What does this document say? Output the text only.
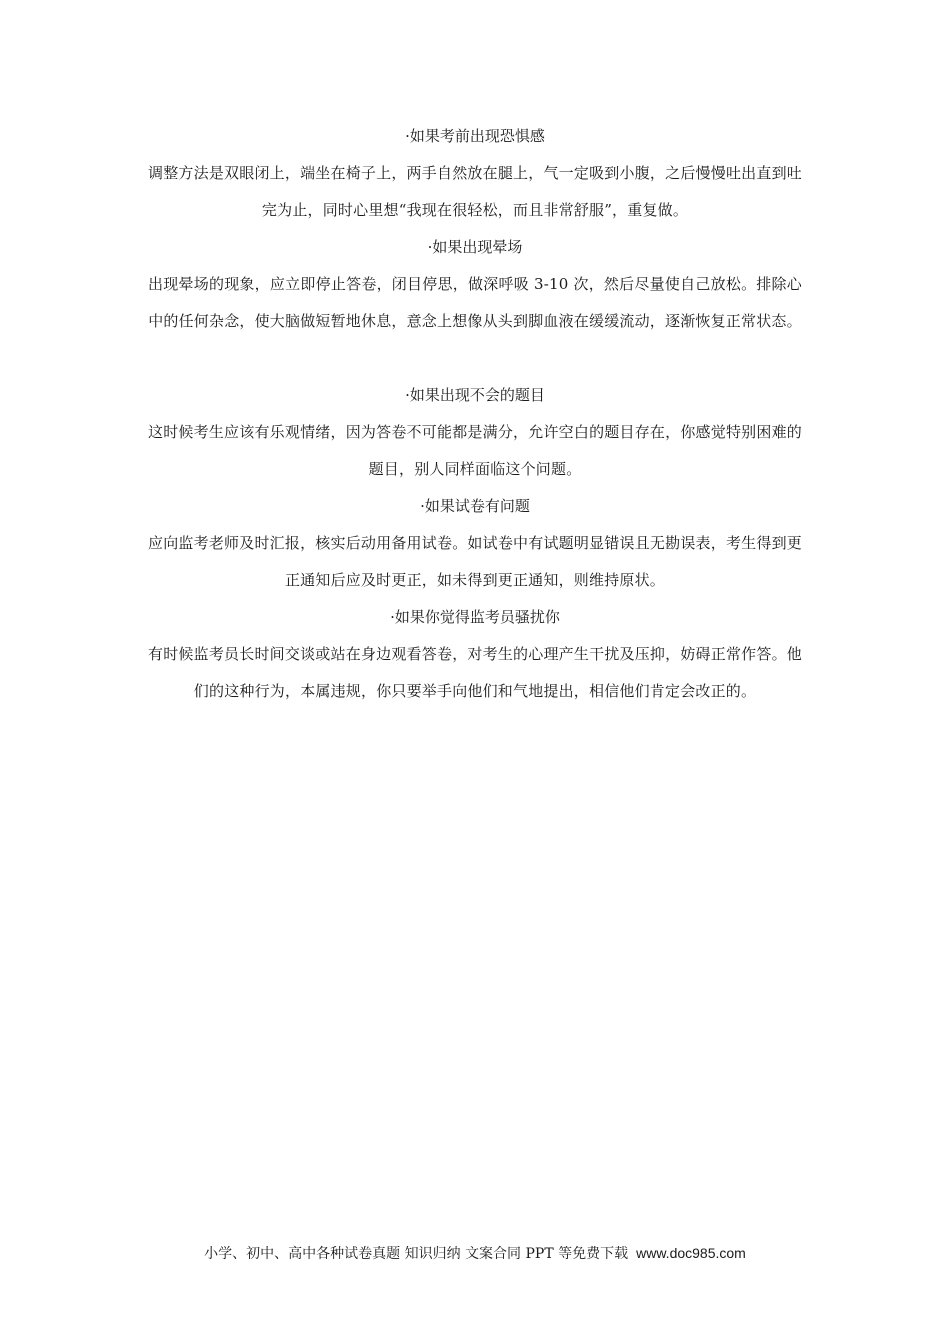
·如果考前出现恐惧感

调整方法是双眼闭上，端坐在椅子上，两手自然放在腿上，气一定吸到小腹，之后慢慢吐出直到吐完为止，同时心里想“我现在很轻松，而且非常舒服”，重复做。

·如果出现晕场

出现晕场的现象，应立即停止答卷，闭目停思，做深呼吸 3-10 次，然后尽量使自己放松。排除心中的任何杂念，使大脑做短暂地休息，意念上想像从头到脚血液在缓缓流动，逐渐恢复正常状态。

·如果出现不会的题目

这时候考生应该有乐观情绪，因为答卷不可能都是满分，允许空白的题目存在，你感觉特别困难的题目，别人同样面临这个问题。

·如果试卷有问题

应向监考老师及时汇报，核实后动用备用试卷。如试卷中有试题明显错误且无勘误表，考生得到更正通知后应及时更正，如未得到更正通知，则维持原状。

·如果你觉得监考员骚扰你

有时候监考员长时间交谈或站在身边观看答卷，对考生的心理产生干扰及压抑，妨碍正常作答。他们的这种行为，本属违规，你只要举手向他们和气地提出，相信他们肯定会改正的。

小学、初中、高中各种试卷真题 知识归纳 文案合同 PPT 等免费下载 www.doc985.com
